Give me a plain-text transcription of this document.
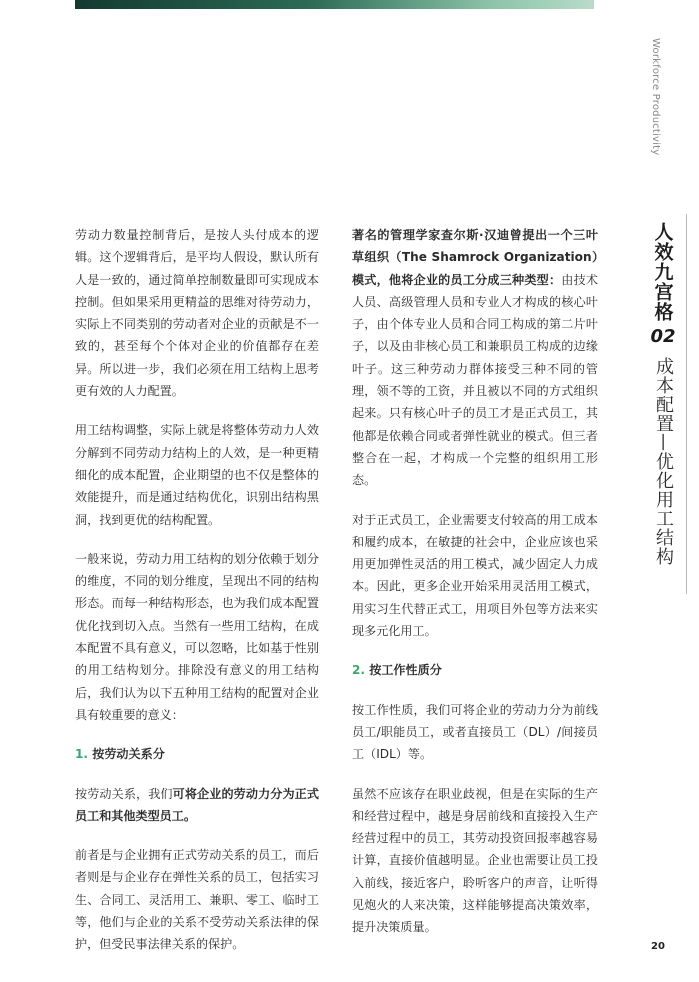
Workforce Productivity
人效九宫格
02
成本配置—优化用工结构

劳动力数量控制背后，是按人头付成本的逻辑。这个逻辑背后，是平均人假设，默认所有人是一致的，通过简单控制数量即可实现成本控制。但如果采用更精益的思维对待劳动力，实际上不同类别的劳动者对企业的贡献是不一致的，甚至每个个体对企业的价值都存在差异。所以进一步，我们必须在用工结构上思考更有效的人力配置。

用工结构调整，实际上就是将整体劳动力人效分解到不同劳动力结构上的人效，是一种更精细化的成本配置，企业期望的也不仅是整体的效能提升，而是通过结构优化，识别出结构黑洞，找到更优的结构配置。

一般来说，劳动力用工结构的划分依赖于划分的维度，不同的划分维度，呈现出不同的结构形态。而每一种结构形态，也为我们成本配置优化找到切入点。当然有一些用工结构，在成本配置不具有意义，可以忽略，比如基于性别的用工结构划分。排除没有意义的用工结构后，我们认为以下五种用工结构的配置对企业具有较重要的意义：

1. 按劳动关系分

按劳动关系，我们可将企业的劳动力分为正式员工和其他类型员工。

前者是与企业拥有正式劳动关系的员工，而后者则是与企业存在弹性关系的员工，包括实习生、合同工、灵活用工、兼职、零工、临时工等，他们与企业的关系不受劳动关系法律的保护，但受民事法律关系的保护。

著名的管理学家查尔斯·汉迪曾提出一个三叶草组织（The Shamrock Organization）模式，他将企业的员工分成三种类型：由技术人员、高级管理人员和专业人才构成的核心叶子，由个体专业人员和合同工构成的第二片叶子，以及由非核心员工和兼职员工构成的边缘叶子。这三种劳动力群体接受三种不同的管理，领不等的工资，并且被以不同的方式组织起来。只有核心叶子的员工才是正式员工，其他都是依赖合同或者弹性就业的模式。但三者整合在一起，才构成一个完整的组织用工形态。

对于正式员工，企业需要支付较高的用工成本和履约成本，在敏捷的社会中，企业应该也采用更加弹性灵活的用工模式，减少固定人力成本。因此，更多企业开始采用灵活用工模式，用实习生代替正式工，用项目外包等方法来实现多元化用工。

2. 按工作性质分

按工作性质，我们可将企业的劳动力分为前线员工/职能员工，或者直接员工（DL）/间接员工（IDL）等。

虽然不应该存在职业歧视，但是在实际的生产和经营过程中，越是身居前线和直接投入生产经营过程中的员工，其劳动投资回报率越容易计算，直接价值越明显。企业也需要让员工投入前线，接近客户，聆听客户的声音，让听得见炮火的人来决策，这样能够提高决策效率，提升决策质量。

20
